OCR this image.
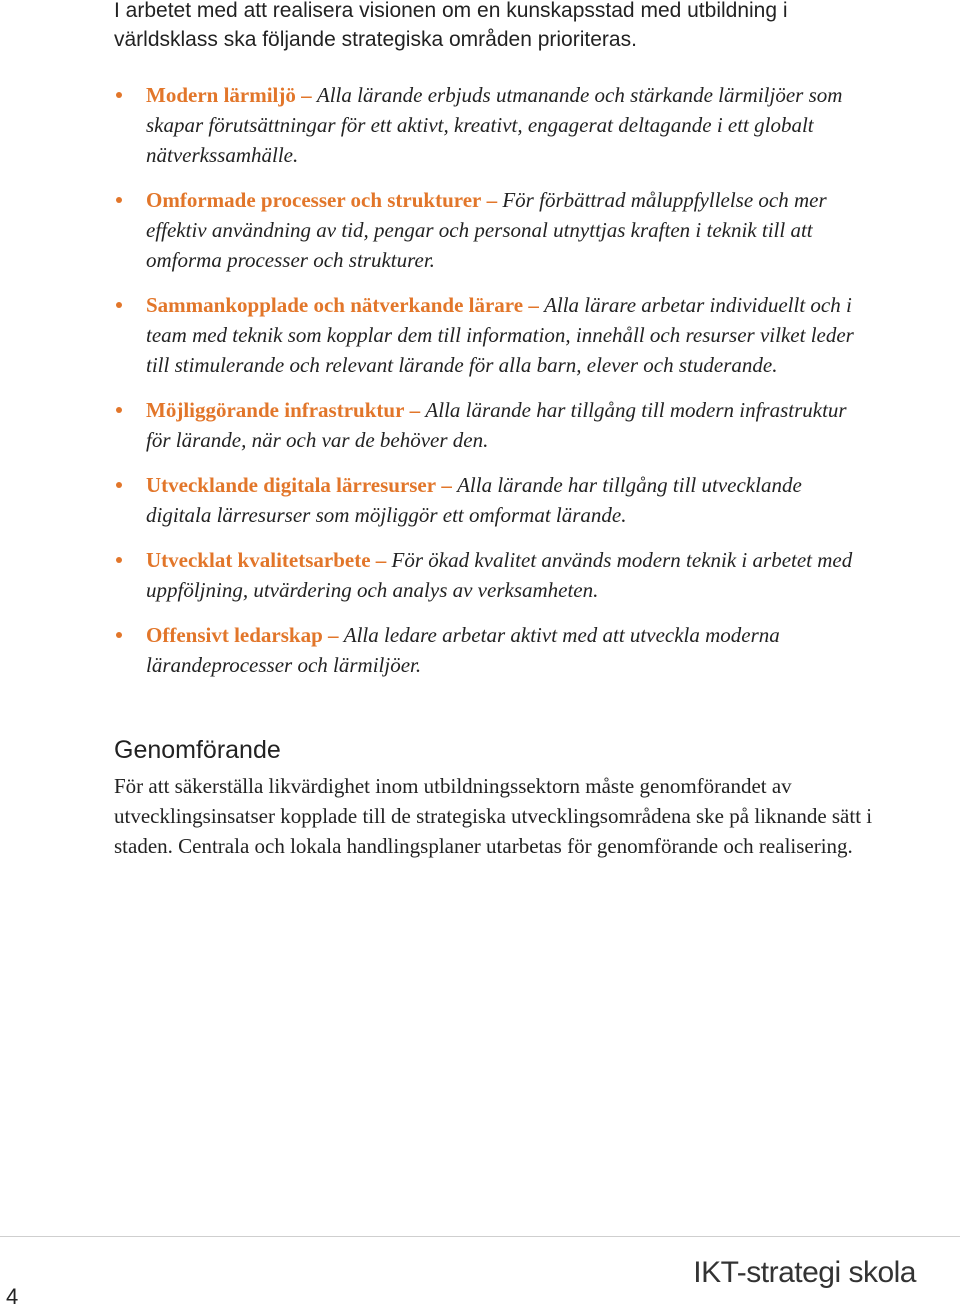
I arbetet med att realisera visionen om en kunskapsstad med utbildning i världsklass ska följande strategiska områden prioriteras.

Modern lärmiljö – Alla lärande erbjuds utmanande och stärkande lärmiljöer som skapar förutsättningar för ett aktivt, kreativt, engagerat deltagande i ett globalt nätverkssamhälle.
Omformade processer och strukturer – För förbättrad måluppfyllelse och mer effektiv användning av tid, pengar och personal utnyttjas kraften i teknik till att omforma processer och strukturer.
Sammankopplade och nätverkande lärare – Alla lärare arbetar individuellt och i team med teknik som kopplar dem till information, innehåll och resurser vilket leder till stimulerande och relevant lärande för alla barn, elever och studerande.
Möjliggörande infrastruktur – Alla lärande har tillgång till modern infrastruktur för lärande, när och var de behöver den.
Utvecklande digitala lärresurser – Alla lärande har tillgång till utvecklande digitala lärresurser som möjliggör ett omformat lärande.
Utvecklat kvalitetsarbete – För ökad kvalitet används modern teknik i arbetet med uppföljning, utvärdering och analys av verksamheten.
Offensivt ledarskap – Alla ledare arbetar aktivt med att utveckla moderna lärandeprocesser och lärmiljöer.
Genomförande

För att säkerställa likvärdighet inom utbildningssektorn måste genomförandet av utvecklingsinsatser kopplade till de strategiska utvecklingsområdena ske på liknande sätt i staden. Centrala och lokala handlingsplaner utarbetas för genomförande och realisering.

IKT-strategi skola
4
